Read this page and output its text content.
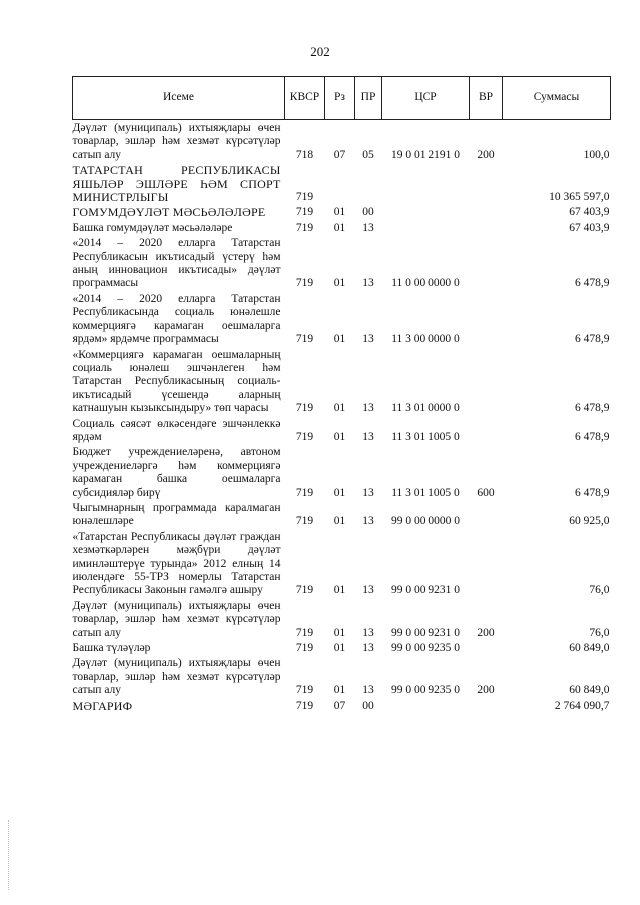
202
Исеме	КВСР	Рз	ПР	ЦСР	ВР	Суммасы
Дәүләт (муниципаль) ихтыяҗлары өчен товарлар, эшләр һәм хезмәт күрсәтүләр сатып алу	718	07	05	19 0 01 2191 0	200	100,0
ТАТАРСТАН РЕСПУБЛИКАСЫ ЯШЬЛӘР ЭШЛӘРЕ ҺӘМ СПОРТ МИНИСТРЛЫГЫ	719					10 365 597,0
ГОМУМДӘҮЛӘТ МӘСЬӘЛӘЛӘРЕ	719	01	00			67 403,9
Башка гомумдәүләт мәсьәләләре	719	01	13			67 403,9
«2014 – 2020 елларга Татарстан Республикасын икътисадый үстерү һәм аның инновацион икътисады» дәүләт программасы	719	01	13	11 0 00 0000 0		6 478,9
«2014 – 2020 елларга Татарстан Республикасында социаль юнәлешле коммерциягә карамаган оешмаларга ярдәм» ярдәмче программасы	719	01	13	11 3 00 0000 0		6 478,9
«Коммерциягә карамаган оешмаларның социаль юнәлеш эшчәнлеген һәм Татарстан Республикасының социаль-икътисадый үсешендә аларның катнашуын кызыксындыру» төп чарасы	719	01	13	11 3 01 0000 0		6 478,9
Социаль сәясәт өлкәсендәге эшчәнлеккә ярдәм	719	01	13	11 3 01 1005 0		6 478,9
Бюджет учреждениеләренә, автоном учреждениеләргә һәм коммерциягә карамаган башка оешмаларга субсидияләр бирү	719	01	13	11 3 01 1005 0	600	6 478,9
Чыгымнарның программада каралмаган юнәлешләре	719	01	13	99 0 00 0000 0		60 925,0
«Татарстан Республикасы дәүләт граждан хезмәткәрләрен мәҗбүри дәүләт иминләштерүе турында» 2012 елның 14 июлендәге 55-ТРЗ номерлы Татарстан Республикасы Законын гамәлгә ашыру	719	01	13	99 0 00 9231 0		76,0
Дәүләт (муниципаль) ихтыяҗлары өчен товарлар, эшләр һәм хезмәт күрсәтүләр сатып алу	719	01	13	99 0 00 9231 0	200	76,0
Башка түләүләр	719	01	13	99 0 00 9235 0		60 849,0
Дәүләт (муниципаль) ихтыяҗлары өчен товарлар, эшләр һәм хезмәт күрсәтүләр сатып алу	719	01	13	99 0 00 9235 0	200	60 849,0
МӘГАРИФ	719	07	00			2 764 090,7
